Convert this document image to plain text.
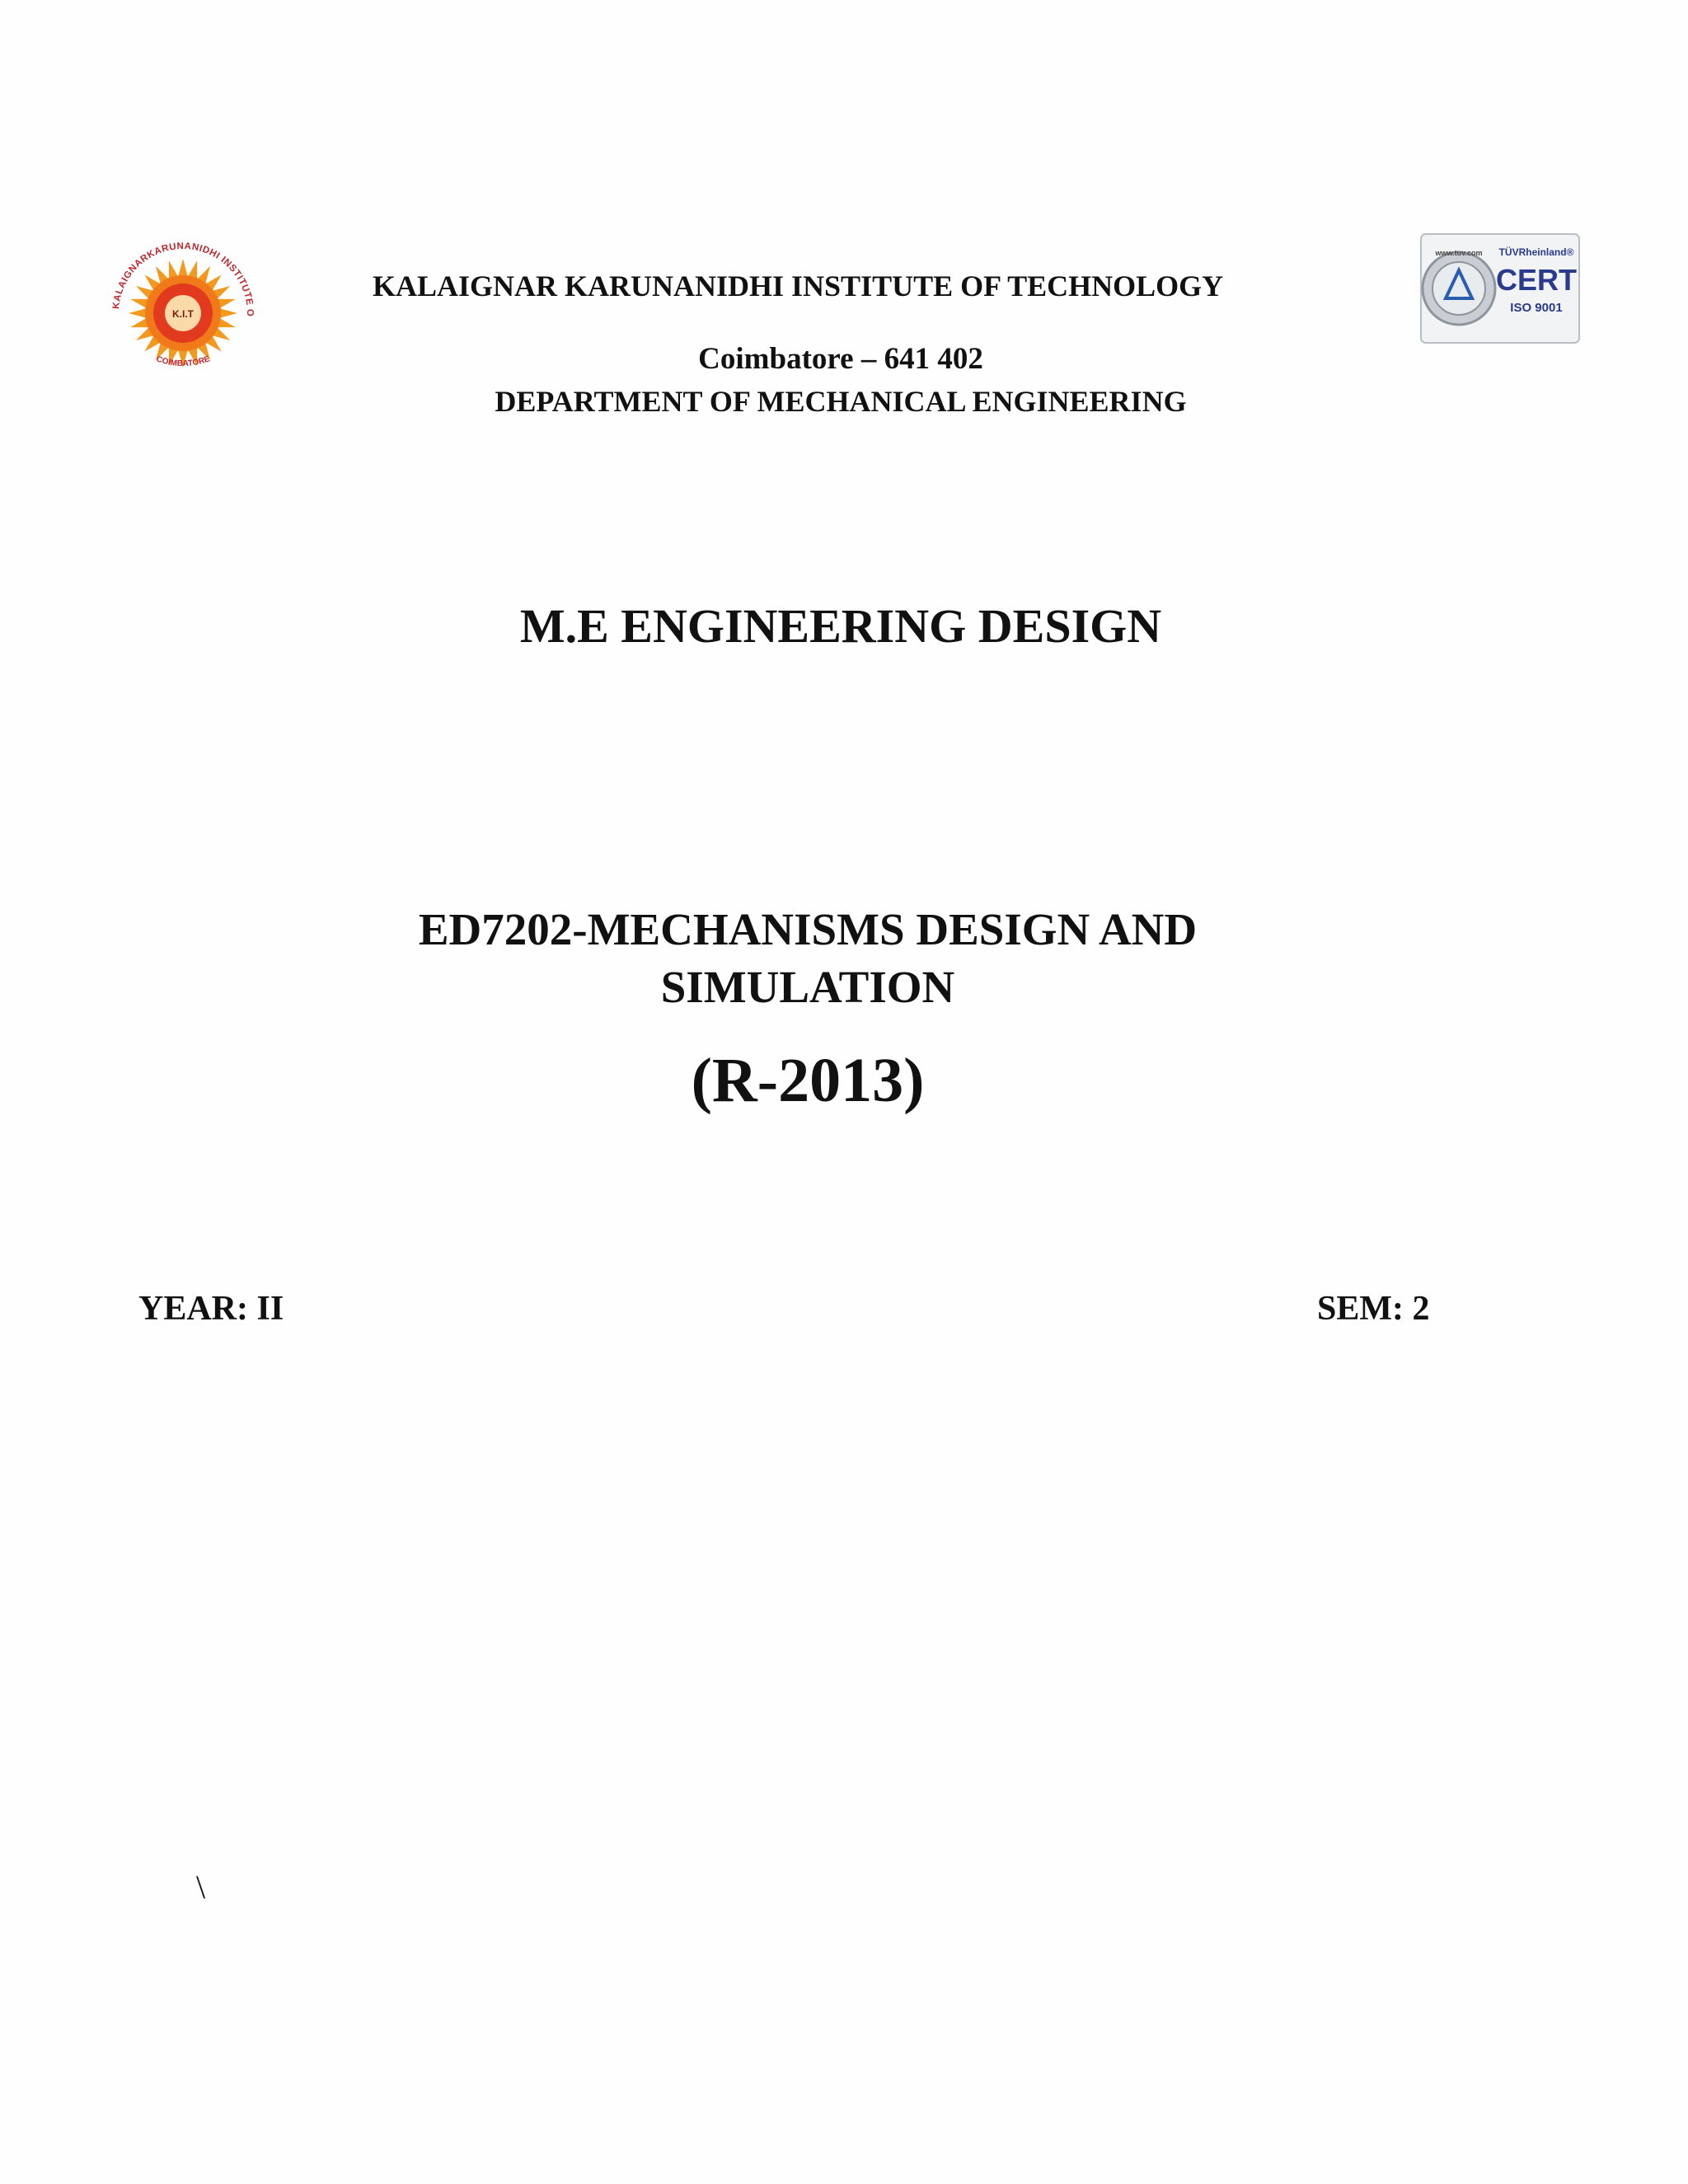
K.I.T
KALAIGNARKARUNANIDHI INSTITUTE O
COIMBATORE
www.tuv.com TÜVRheinland®
CERT
ISO 9001
KALAIGNAR KARUNANIDHI INSTITUTE OF TECHNOLOGY
Coimbatore – 641 402
DEPARTMENT OF MECHANICAL ENGINEERING
M.E ENGINEERING DESIGN
ED7202-MECHANISMS DESIGN AND
SIMULATION
(R-2013)
YEAR: II	SEM: 2
\
